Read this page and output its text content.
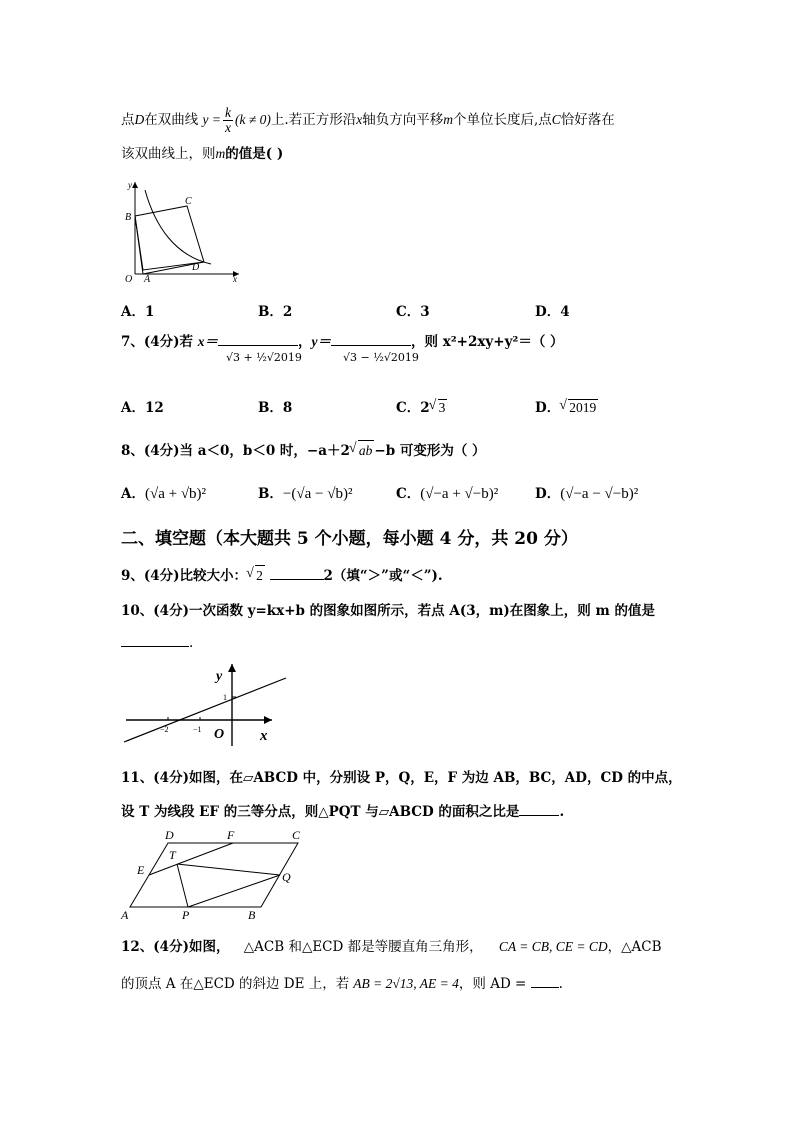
点D在双曲线 $y = \frac{k}{x} (k \ne 0)$上.若正方形沿x轴负方向平移m个单位长度后,点C恰好落在
该双曲线上，则m的值是( )
y
x
O A
B
C
D
A．1	B．2	C．3	D．4
7、(4分)若 x＝	，y＝	，则 x²+2xy+y²＝（ ）
√3 + ½√2019	√3 − ½√2019
A．12	B．8	C．2 √ 3	D． √ 2019
8、(4分)当 a＜0，b＜0 时，−a＋2 √ ab −b 可变形为（ ）
A．(√a + √b)²	B．−(√a − √b)²	C．(√−a + √−b)²	D．(√−a − √−b)²
二、填空题（本大题共 5 个小题，每小题 4 分，共 20 分）
9、(4分)比较大小： √ 2	2（填“＞”或“＜”).
10、(4分)一次函数 y=kx+b 的图象如图所示，若点 A(3，m)在图象上，则 m 的值是
.
y
x
O
1
−2	−1
11、(4分)如图，在▱ABCD 中，分别设 P，Q，E，F 为边 AB，BC，AD，CD 的中点，
设 T 为线段 EF 的三等分点，则△PQT 与▱ABCD 的面积之比是	.
D	F	C
T
E	Q
A	P	B
12、(4分)如图， △ACB 和△ECD 都是等腰直角三角形， CA = CB, CE = CD，△ACB
的顶点 A 在△ECD 的斜边 DE 上，若 AB = 2√13, AE = 4，则 AD = .
